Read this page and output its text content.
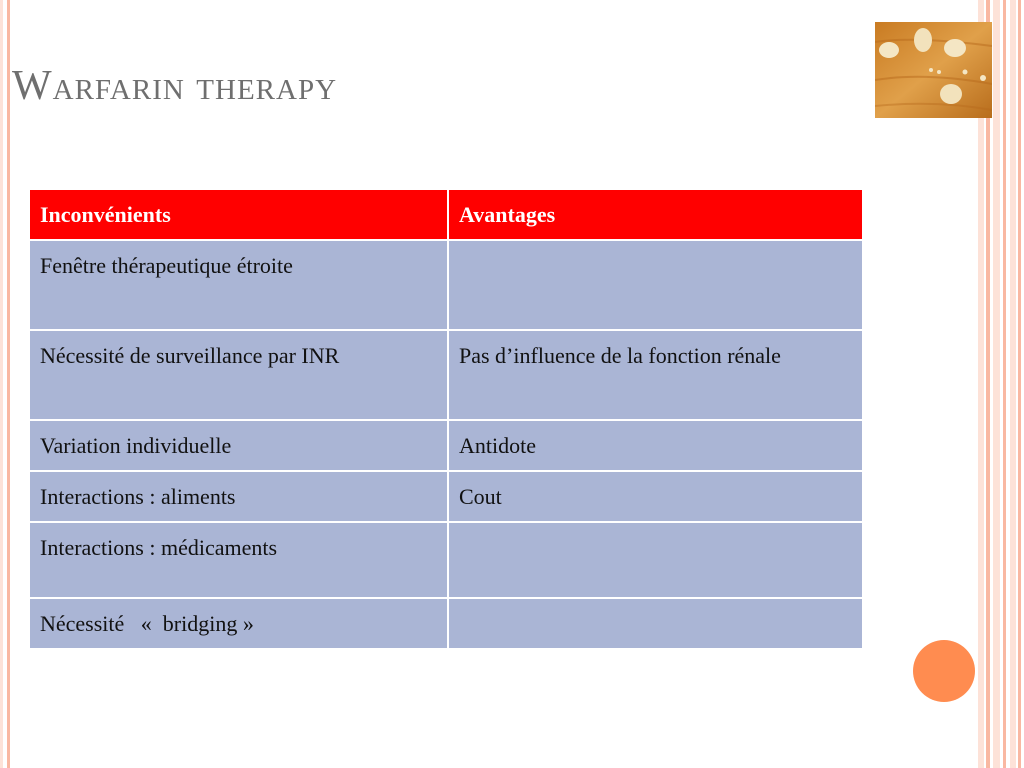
Warfarin therapy
Inconvénients	Avantages
Fenêtre thérapeutique étroite	
Nécessité de surveillance par INR	Pas d’influence de la fonction rénale
Variation individuelle	Antidote
Interactions : aliments	Cout
Interactions : médicaments	
Nécessité   «  bridging »	
